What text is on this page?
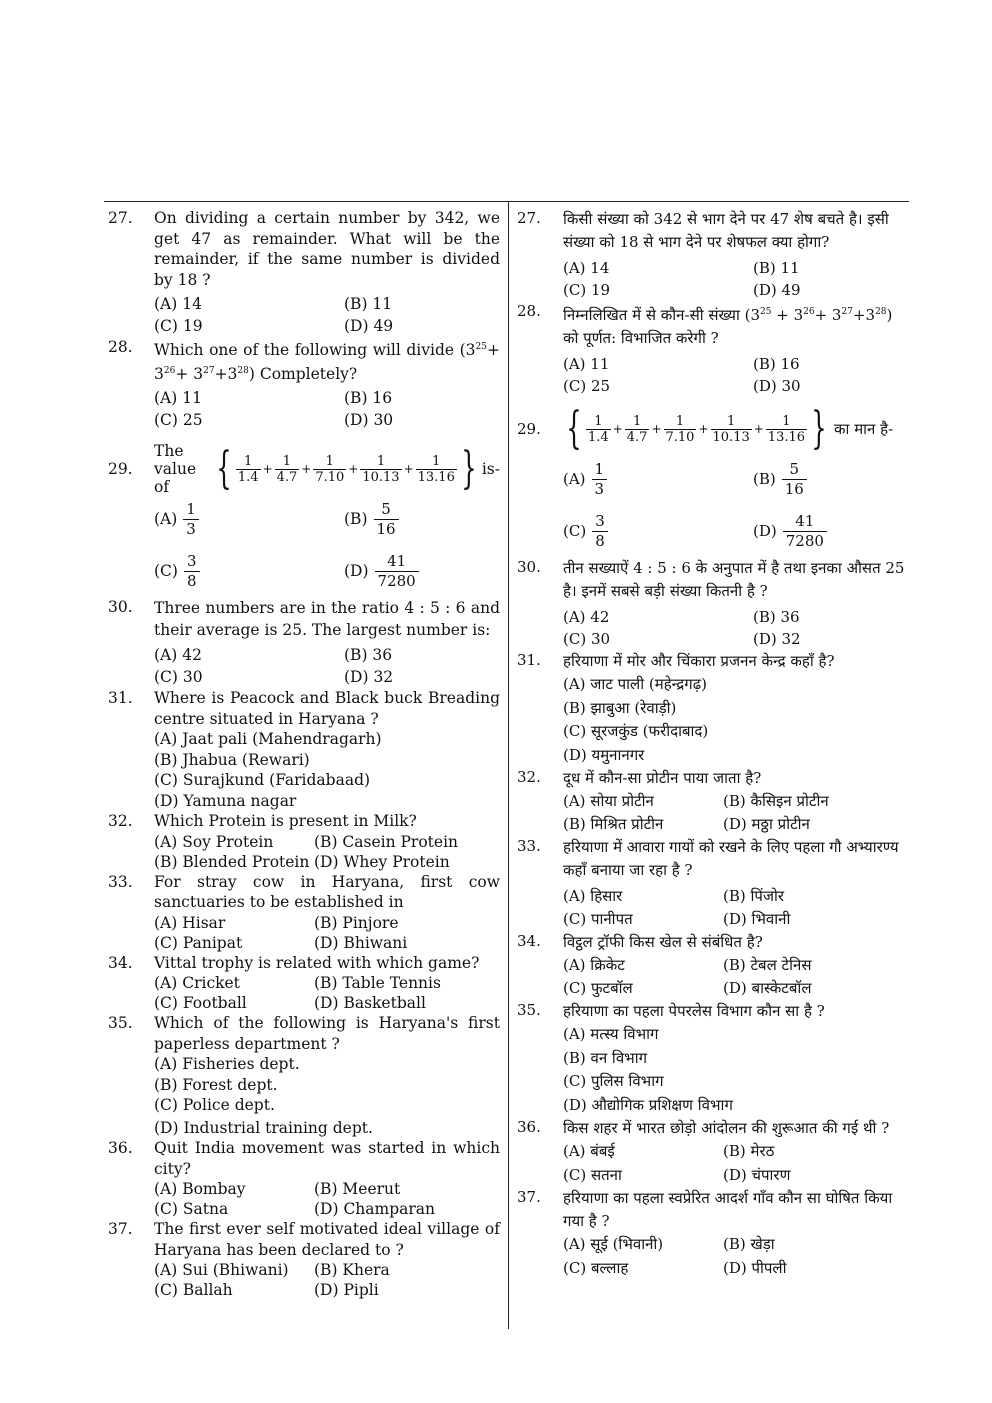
27.	On dividing a certain number by 342, we get 47 as remainder. What will be the remainder, if the same number is divided by 18 ?
(A) 14	(B) 11
(C) 19	(D) 49
28.	Which one of the following will divide $(3^{25}+ 3^{26}+ 3^{27}+3^{28})$ Completely?
(A) 11	(B) 16
(C) 25	(D) 30
29.
The value of	{ $\frac{1}{1.4} + \frac{1}{4.7} + \frac{1}{7.10} + \frac{1}{10.13} + \frac{1}{13.16}$ } is-
$(A) \frac{1}{3}$	$(B) \frac{5}{16}$
$(C) \frac{3}{8}$	$(D) \frac{41}{7280}$
30.	Three numbers are in the ratio 4 : 5 : 6 and their average is 25. The largest number is:
(A) 42	(B) 36
(C) 30	(D) 32
31.	Where is Peacock and Black buck Breading centre situated in Haryana ?
(A) Jaat pali (Mahendragarh)
(B) Jhabua (Rewari)
(C) Surajkund (Faridabaad)
(D) Yamuna nagar
32.	Which Protein is present in Milk?
(A) Soy Protein	(B) Casein Protein
(B) Blended Protein (D) Whey Protein
33.	For stray cow in Haryana, first cow sanctuaries to be established in
(A) Hisar	(B) Pinjore
(C) Panipat	(D) Bhiwani
34.	Vittal trophy is related with which game?
(A) Cricket	(B) Table Tennis
(C) Football	(D) Basketball
35.	Which of the following is Haryana's first paperless department ?
(A) Fisheries dept.
(B) Forest dept.
(C) Police dept.
(D) Industrial training dept.
36.	Quit India movement was started in which city?
(A) Bombay	(B) Meerut
(C) Satna	(D) Champaran
37.	The first ever self motivated ideal village of Haryana has been declared to ?
(A) Sui (Bhiwani)	(B) Khera
(C) Ballah	(D) Pipli
27.	किसी संख्या को 342 से भाग देने पर 47 शेष बचते है। इसी संख्या को 18 से भाग देने पर शेषफल क्या होगा?
(A) 14	(B) 11
(C) 19	(D) 49
28.	निम्नलिखित में से कौन-सी संख्या $(3^{25} + 3^{26}+ 3^{27}+3^{28})$ को पूर्णत: विभाजित करेगी ?
(A) 11	(B) 16
(C) 25	(D) 30
29. { $\frac{1}{1.4} + \frac{1}{4.7} + \frac{1}{7.10} + \frac{1}{10.13} + \frac{1}{13.16}$ } का मान है-
$(A) \frac{1}{3}$	$(B) \frac{5}{16}$
$(C) \frac{3}{8}$	$(D) \frac{41}{7280}$
30.	तीन सख्याऐं 4 : 5 : 6 के अनुपात में है तथा इनका औसत 25 है। इनमें सबसे बड़ी संख्या कितनी है ?
(A) 42	(B) 36
(C) 30	(D) 32
31.	हरियाणा में मोर और चिंकारा प्रजनन केन्द्र कहाँ है?
(A) जाट पाली (महेन्द्रगढ़)
(B) झाबुआ (रेवाड़ी)
(C) सूरजकुंड (फरीदाबाद)
(D) यमुनानगर
32.	दूध में कौन-सा प्रोटीन पाया जाता है?
(A) सोया प्रोटीन	(B) कैसिइन प्रोटीन
(B) मिश्रित प्रोटीन	(D) मठ्ठा प्रोटीन
33.	हरियाणा में आवारा गायों को रखने के लिए पहला गौ अभ्यारण्य कहाँ बनाया जा रहा है ?
(A) हिसार	(B) पिंजोर
(C) पानीपत	(D) भिवानी
34.	विट्ठल ट्रॉफी किस खेल से संबंधित है?
(A) क्रिकेट	(B) टेबल टेनिस
(C) फुटबॉल	(D) बास्केटबॉल
35.	हरियाणा का पहला पेपरलेस विभाग कौन सा है ?
(A) मत्स्य विभाग
(B) वन विभाग
(C) पुलिस विभाग
(D) औद्योगिक प्रशिक्षण विभाग
36.	किस शहर में भारत छोड़ो आंदोलन की शुरूआत की गई थी ?
(A) बंबई	(B) मेरठ
(C) सतना	(D) चंपारण
37.	हरियाणा का पहला स्वप्रेरित आदर्श गाँव कौन सा घोषित किया गया है ?
(A) सूई (भिवानी)	(B) खेड़ा
(C) बल्लाह	(D) पीपली
